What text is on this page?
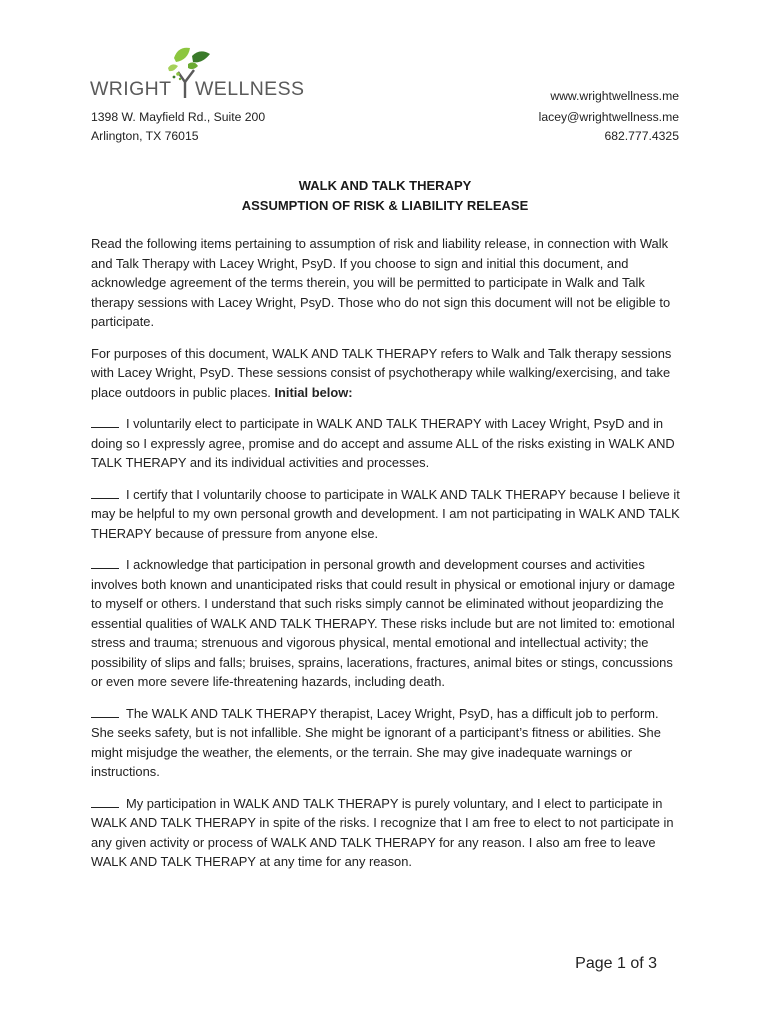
WRIGHT WELLNESS
1398 W. Mayfield Rd., Suite 200
Arlington, TX 76015
www.wrightwellness.me
lacey@wrightwellness.me
682.777.4325
WALK AND TALK THERAPY
ASSUMPTION OF RISK & LIABILITY RELEASE

Read the following items pertaining to assumption of risk and liability release, in connection with Walk and Talk Therapy with Lacey Wright, PsyD. If you choose to sign and initial this document, and acknowledge agreement of the terms therein, you will be permitted to participate in Walk and Talk therapy sessions with Lacey Wright, PsyD. Those who do not sign this document will not be eligible to participate.

For purposes of this document, WALK AND TALK THERAPY refers to Walk and Talk therapy sessions with Lacey Wright, PsyD. These sessions consist of psychotherapy while walking/exercising, and take place outdoors in public places. Initial below:

I voluntarily elect to participate in WALK AND TALK THERAPY with Lacey Wright, PsyD and in doing so I expressly agree, promise and do accept and assume ALL of the risks existing in WALK AND TALK THERAPY and its individual activities and processes.

I certify that I voluntarily choose to participate in WALK AND TALK THERAPY because I believe it may be helpful to my own personal growth and development. I am not participating in WALK AND TALK THERAPY because of pressure from anyone else.

I acknowledge that participation in personal growth and development courses and activities involves both known and unanticipated risks that could result in physical or emotional injury or damage to myself or others. I understand that such risks simply cannot be eliminated without jeopardizing the essential qualities of WALK AND TALK THERAPY. These risks include but are not limited to: emotional stress and trauma; strenuous and vigorous physical, mental emotional and intellectual activity; the possibility of slips and falls; bruises, sprains, lacerations, fractures, animal bites or stings, concussions or even more severe life-threatening hazards, including death.

The WALK AND TALK THERAPY therapist, Lacey Wright, PsyD, has a difficult job to perform. She seeks safety, but is not infallible. She might be ignorant of a participant’s fitness or abilities. She might misjudge the weather, the elements, or the terrain. She may give inadequate warnings or instructions.

My participation in WALK AND TALK THERAPY is purely voluntary, and I elect to participate in WALK AND TALK THERAPY in spite of the risks. I recognize that I am free to elect to not participate in any given activity or process of WALK AND TALK THERAPY for any reason. I also am free to leave WALK AND TALK THERAPY at any time for any reason.

Page 1 of 3
